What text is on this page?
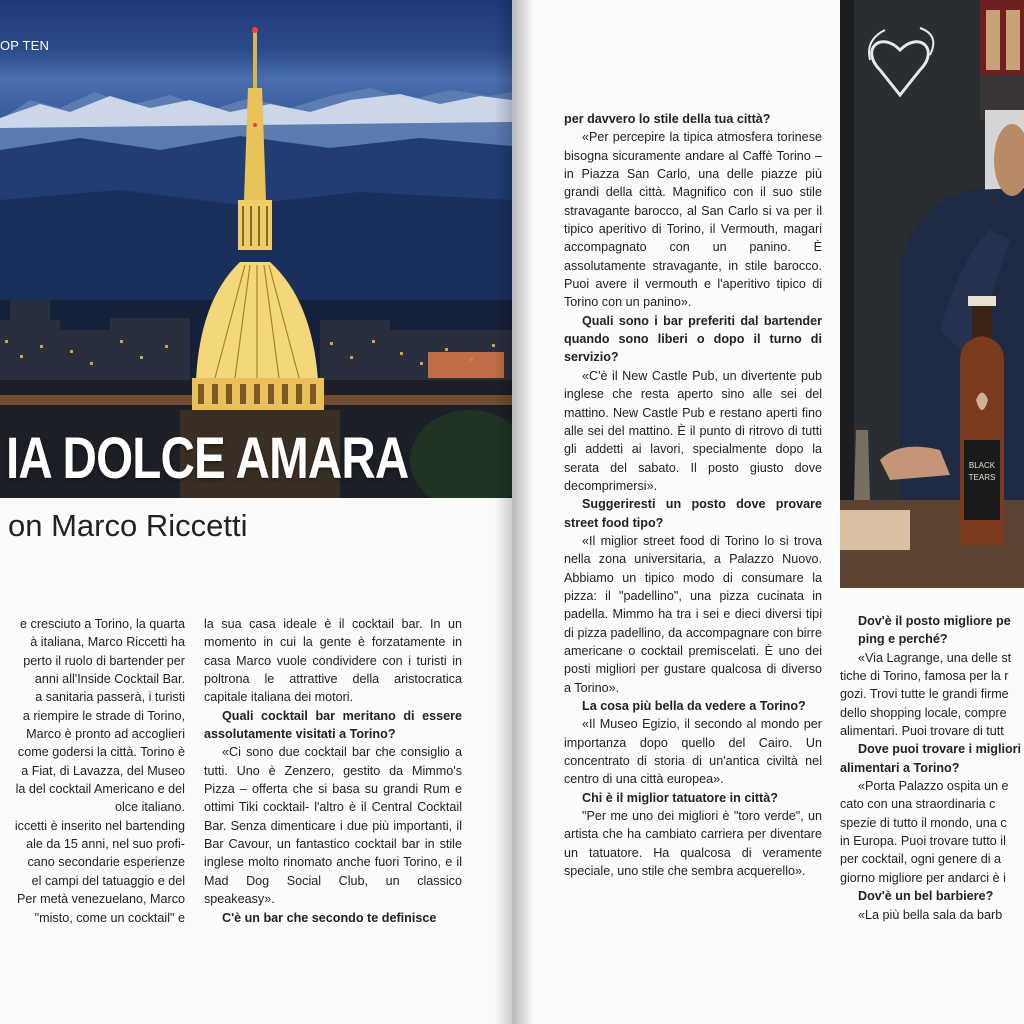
OP TEN
IA DOLCE AMARA
on Marco Riccetti

e cresciuto a Torino, la quarta

à italiana, Marco Riccetti ha

perto il ruolo di bartender per

anni all'Inside Cocktail Bar.

a sanitaria passerà, i turisti

a riempire le strade di Torino,

Marco è pronto ad accoglieri

come godersi la città. Torino è

a Fiat, di Lavazza, del Museo

la del cocktail Americano e del

olce italiano.

iccetti è inserito nel bartending

ale da 15 anni, nel suo profi-

cano secondarie esperienze

el campi del tatuaggio e del

Per metà venezuelano, Marco

"misto, come un cocktail" e

la sua casa ideale è il cocktail bar. In un momento in cui la gente è forzatamente in casa Marco vuole condividere con i turisti in poltrona le attrattive della aristocratica capitale italiana dei motori.

Quali cocktail bar meritano di essere assolutamente visitati a Torino?

«Ci sono due cocktail bar che consiglio a tutti. Uno è Zenzero, gestito da Mimmo's Pizza – offerta che si basa su grandi Rum e ottimi Tiki cocktail- l'altro è il Central Cocktail Bar. Senza dimenticare i due più importanti, il Bar Cavour, un fantastico cocktail bar in stile inglese molto rinomato anche fuori Torino, e il Mad Dog Social Club, un classico speakeasy».

C'è un bar che secondo te definisce

per davvero lo stile della tua città?

«Per percepire la tipica atmosfera torinese bisogna sicuramente andare al Caffè Torino – in Piazza San Carlo, una delle piazze più grandi della città. Magnifico con il suo stile stravagante barocco, al San Carlo si va per il tipico aperitivo di Torino, il Vermouth, magari accompagnato con un panino. È assolutamente stravagante, in stile barocco. Puoi avere il vermouth e l'aperitivo tipico di Torino con un panino».

Quali sono i bar preferiti dal bartender quando sono liberi o dopo il turno di servizio?

«C'è il New Castle Pub, un divertente pub inglese che resta aperto sino alle sei del mattino. New Castle Pub e restano aperti fino alle sei del mattino. È il punto di ritrovo di tutti gli addetti ai lavori, specialmente dopo la serata del sabato. Il posto giusto dove decomprimersi».

Suggeriresti un posto dove provare street food tipo?

«Il miglior street food di Torino lo si trova nella zona universitaria, a Palazzo Nuovo. Abbiamo un tipico modo di consumare la pizza: il "padellino", una pizza cucinata in padella. Mimmo ha tra i sei e dieci diversi tipi di pizza padellino, da accompagnare con birre americane o cocktail premiscelati. È uno dei posti migliori per gustare qualcosa di diverso a Torino».

La cosa più bella da vedere a Torino?

«Il Museo Egizio, il secondo al mondo per importanza dopo quello del Cairo. Un concentrato di storia di un'antica civiltà nel centro di una città europea».

Chi è il miglior tatuatore in città?

"Per me uno dei migliori è "toro verde", un artista che ha cambiato carriera per diventare un tatuatore. Ha qualcosa di veramente speciale, uno stile che sembra acquerello».

BLACK
TEARS

Dov'è il posto migliore pe

ping e perché?

«Via Lagrange, una delle st

tiche di Torino, famosa per la r

gozi. Trovi tutte le grandi firme

dello shopping locale, compre

alimentari. Puoi trovare di tutt

Dove puoi trovare i migliori

alimentari a Torino?

«Porta Palazzo ospita un e

cato con una straordinaria c

spezie di tutto il mondo, una c

in Europa. Puoi trovare tutto il

per cocktail, ogni genere di a

giorno migliore per andarci è i

Dov'è un bel barbiere?

«La più bella sala da barb
